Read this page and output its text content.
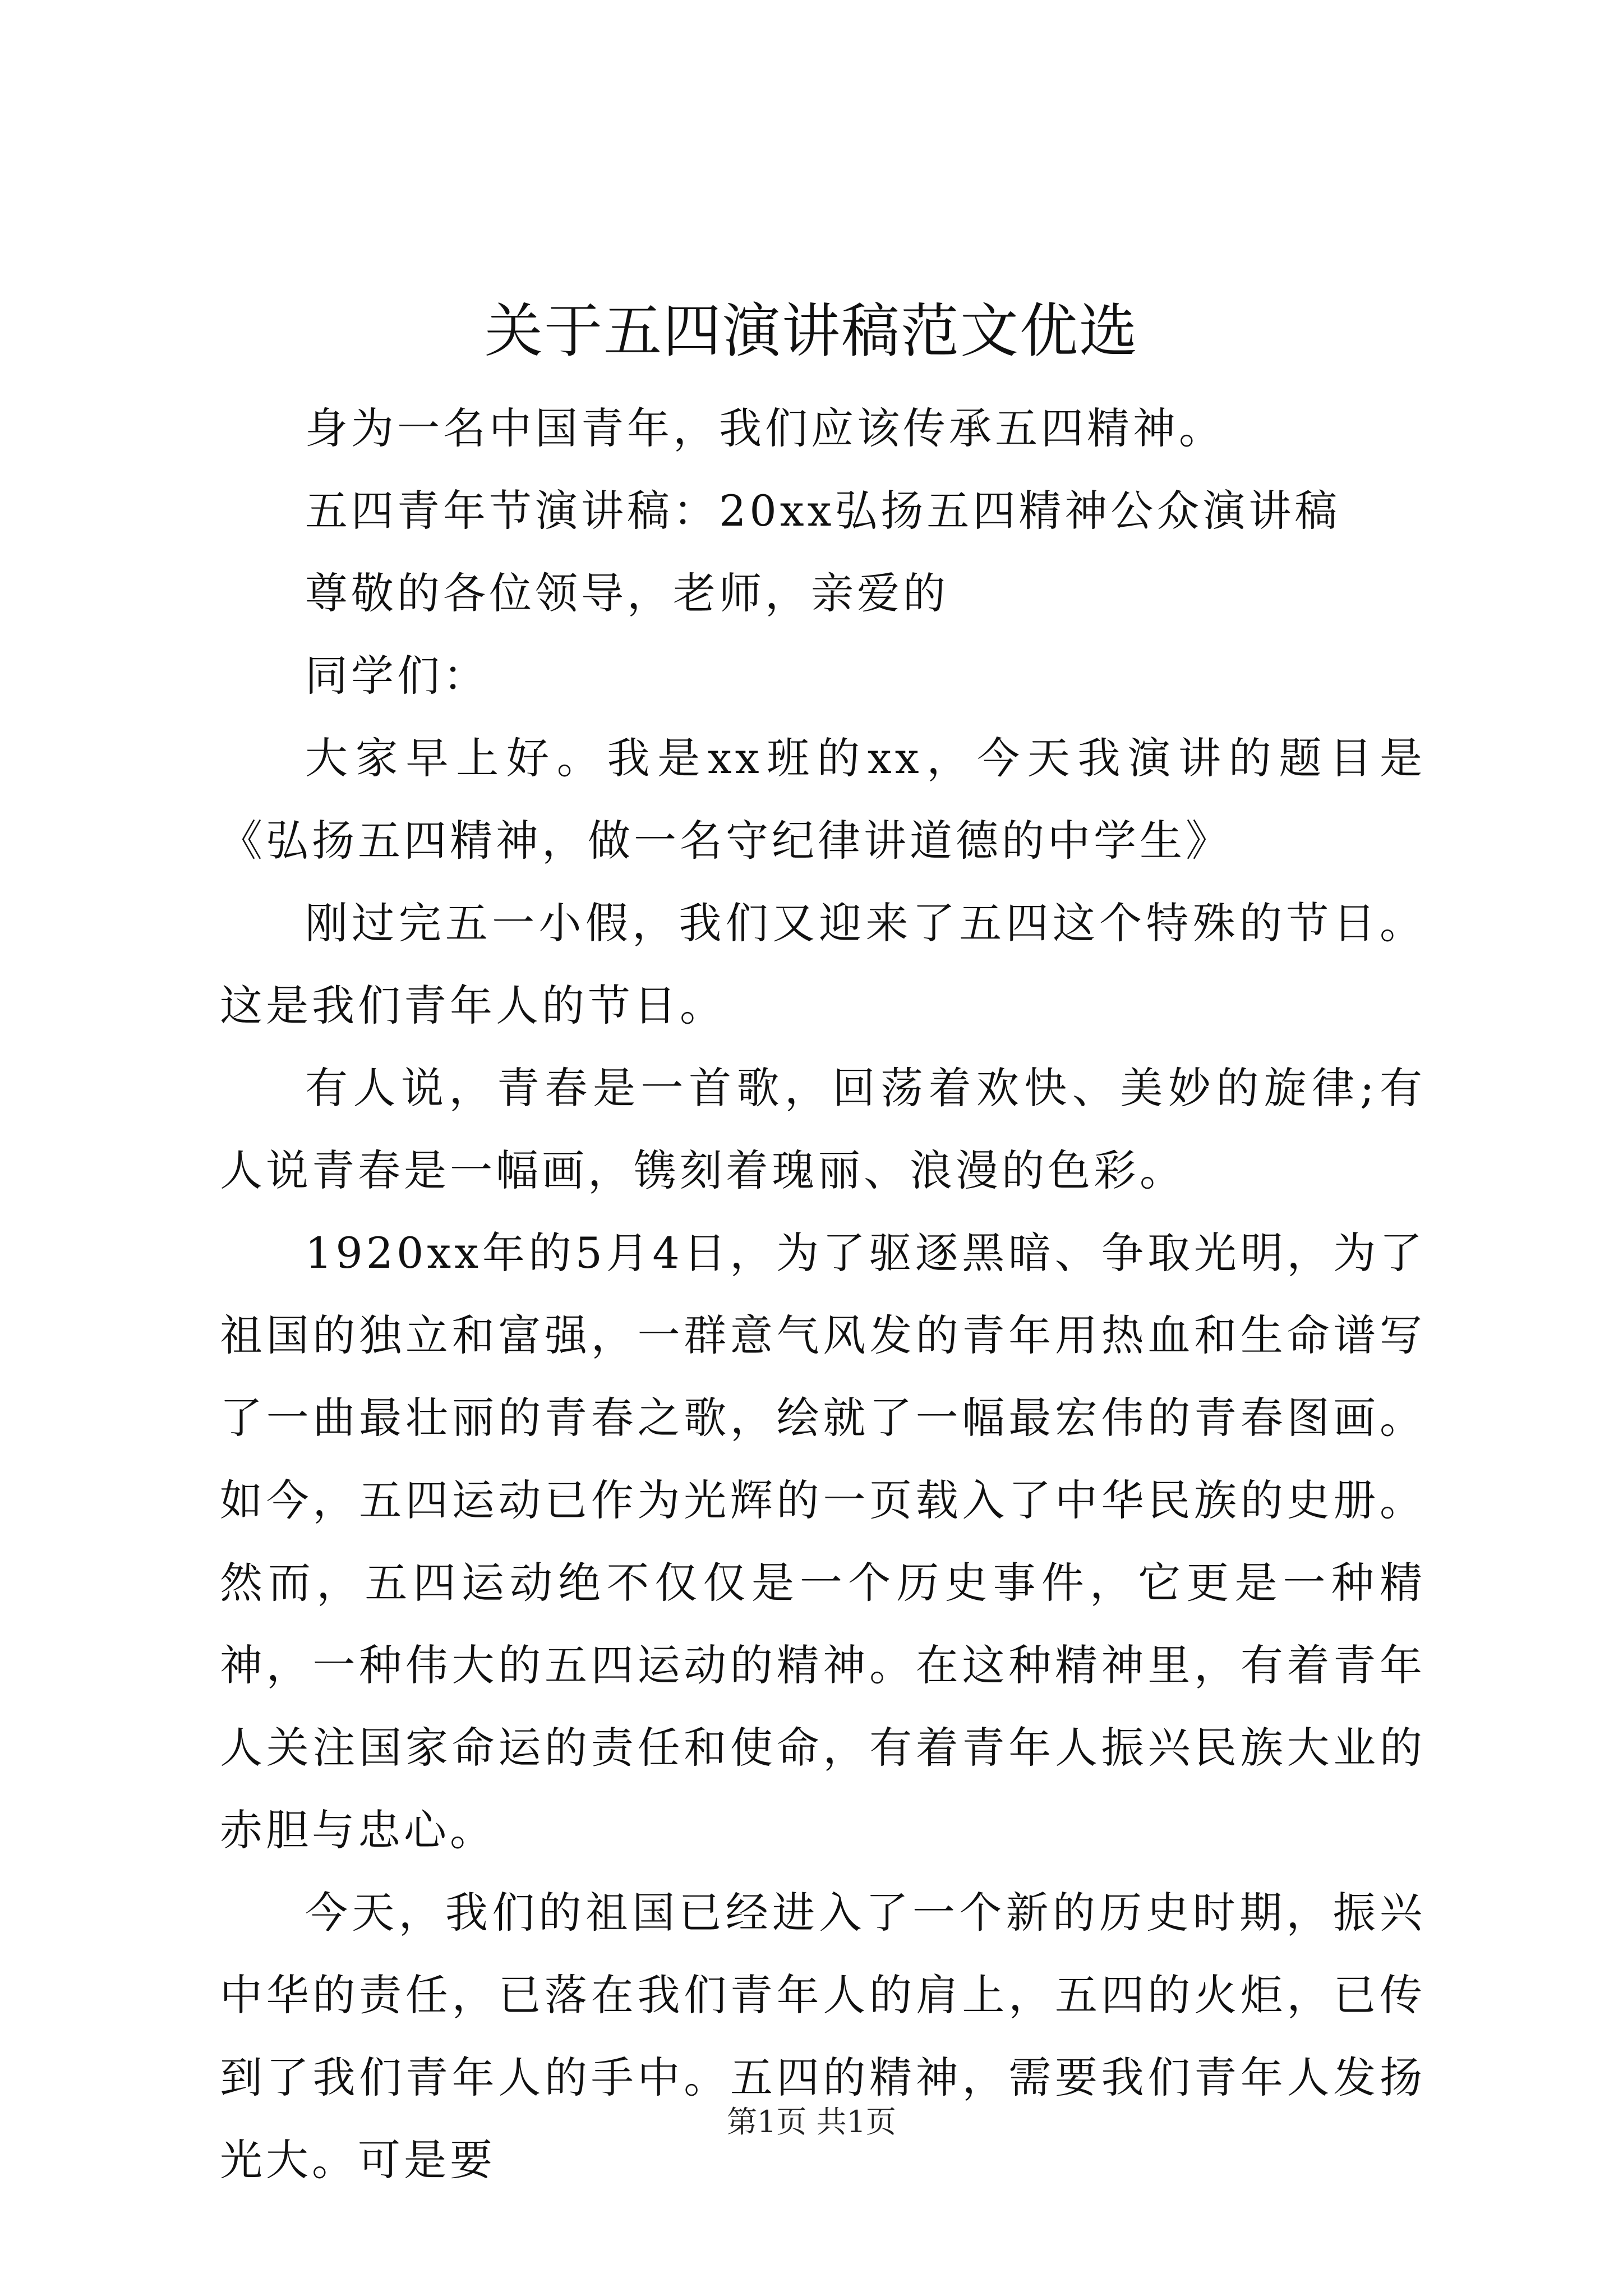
关于五四演讲稿范文优选

身为一名中国青年，我们应该传承五四精神。

五四青年节演讲稿：20xx弘扬五四精神公众演讲稿

尊敬的各位领导，老师，亲爱的

同学们：

大家早上好。我是xx班的xx，今天我演讲的题目是《弘扬五四精神，做一名守纪律讲道德的中学生》

刚过完五一小假，我们又迎来了五四这个特殊的节日。这是我们青年人的节日。

有人说，青春是一首歌，回荡着欢快、美妙的旋律;有人说青春是一幅画，镌刻着瑰丽、浪漫的色彩。

1920xx年的5月4日，为了驱逐黑暗、争取光明，为了祖国的独立和富强，一群意气风发的青年用热血和生命谱写了一曲最壮丽的青春之歌，绘就了一幅最宏伟的青春图画。如今，五四运动已作为光辉的一页载入了中华民族的史册。然而，五四运动绝不仅仅是一个历史事件，它更是一种精神，一种伟大的五四运动的精神。在这种精神里，有着青年人关注国家命运的责任和使命，有着青年人振兴民族大业的赤胆与忠心。

今天，我们的祖国已经进入了一个新的历史时期，振兴中华的责任，已落在我们青年人的肩上，五四的火炬，已传到了我们青年人的手中。五四的精神，需要我们青年人发扬光大。可是要

第1页 共1页
